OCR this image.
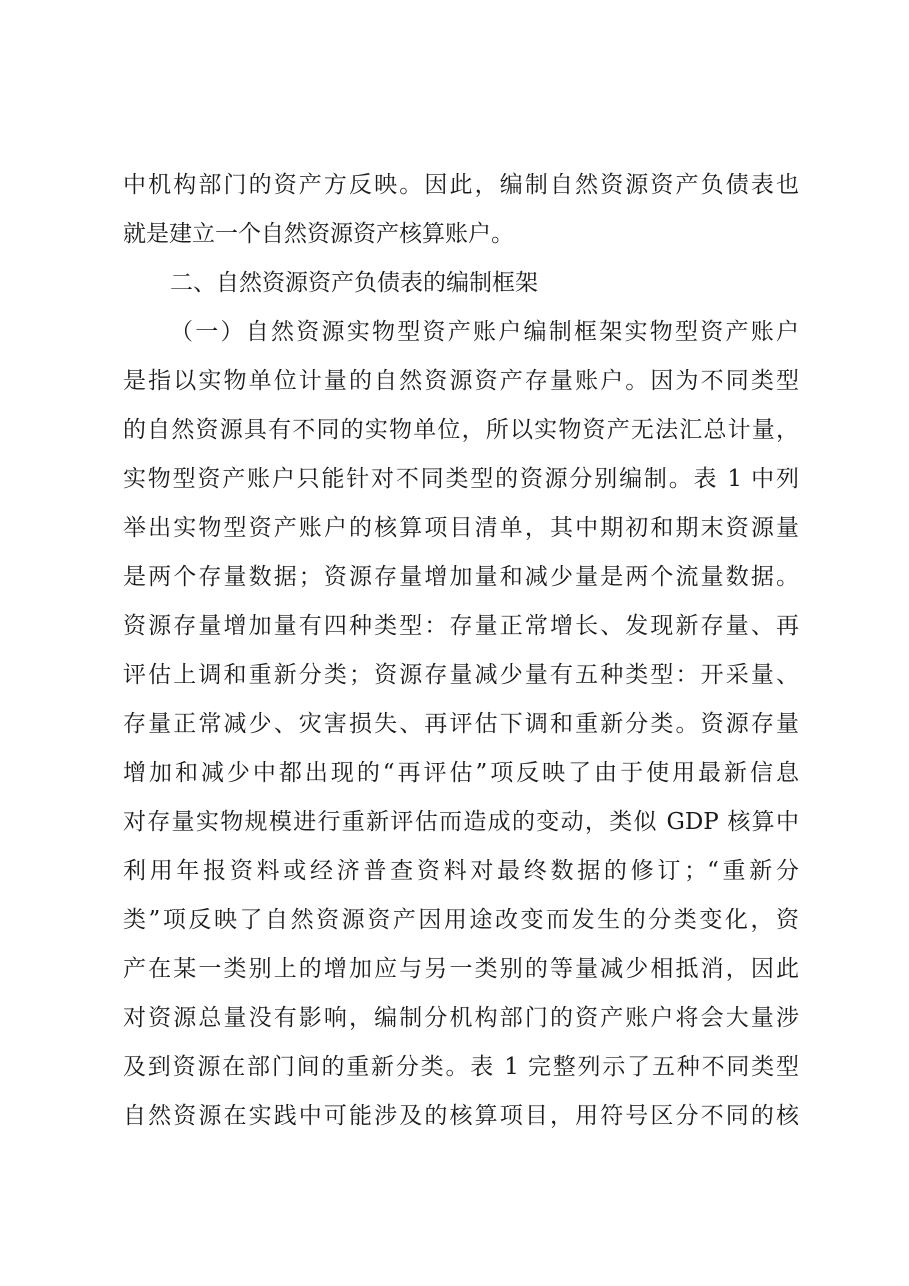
中机构部门的资产方反映。因此，编制自然资源资产负债表也
就是建立一个自然资源资产核算账户。
二、自然资源资产负债表的编制框架
（一）自然资源实物型资产账户编制框架实物型资产账户
是指以实物单位计量的自然资源资产存量账户。因为不同类型
的自然资源具有不同的实物单位，所以实物资产无法汇总计量，
实物型资产账户只能针对不同类型的资源分别编制。表 1 中列
举出实物型资产账户的核算项目清单，其中期初和期末资源量
是两个存量数据；资源存量增加量和减少量是两个流量数据。
资源存量增加量有四种类型：存量正常增长、发现新存量、再
评估上调和重新分类；资源存量减少量有五种类型：开采量、
存量正常减少、灾害损失、再评估下调和重新分类。资源存量
增加和减少中都出现的“再评估”项反映了由于使用最新信息
对存量实物规模进行重新评估而造成的变动，类似 GDP 核算中
利用年报资料或经济普查资料对最终数据的修订；“重新分
类”项反映了自然资源资产因用途改变而发生的分类变化，资
产在某一类别上的增加应与另一类别的等量减少相抵消，因此
对资源总量没有影响，编制分机构部门的资产账户将会大量涉
及到资源在部门间的重新分类。表 1 完整列示了五种不同类型
自然资源在实践中可能涉及的核算项目，用符号区分不同的核
